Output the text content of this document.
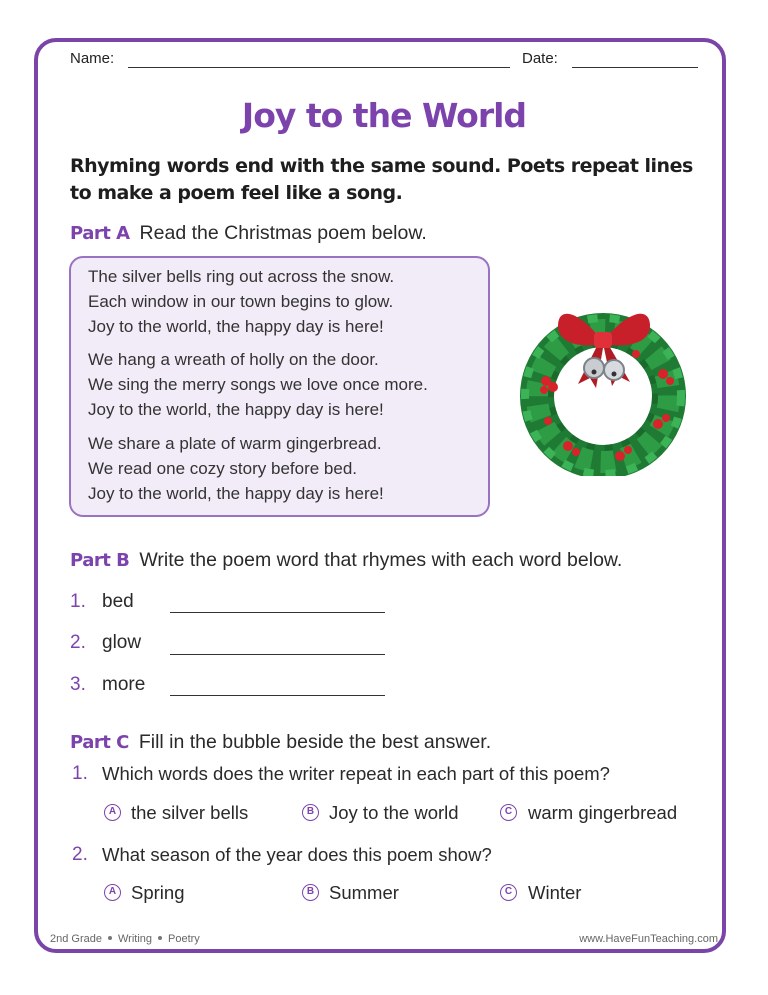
Name:	Date:
Joy to the World
Rhyming words end with the same sound. Poets repeat lines to make a poem feel like a song.
Part A Read the Christmas poem below.
The silver bells ring out across the snow.
Each window in our town begins to glow.
Joy to the world, the happy day is here!
We hang a wreath of holly on the door.
We sing the merry songs we love once more.
Joy to the world, the happy day is here!
We share a plate of warm gingerbread.
We read one cozy story before bed.
Joy to the world, the happy day is here!
Part B Write the poem word that rhymes with each word below.
1. bed
2. glow
3. more
Part C Fill in the bubble beside the best answer.
1. Which words does the writer repeat in each part of this poem?
A the silver bells	B Joy to the world	C warm gingerbread
2. What season of the year does this poem show?
A Spring	B Summer	C Winter
2nd Grade Writing Poetry	www.HaveFunTeaching.com
